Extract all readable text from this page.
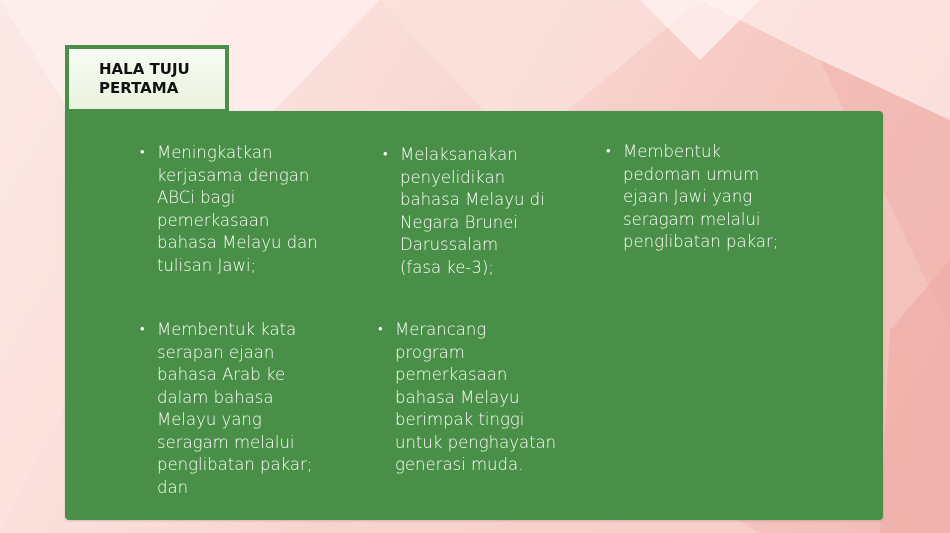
HALA TUJU
PERTAMA
• Meningkatkan
kerjasama dengan
ABCi bagi
pemerkasaan
bahasa Melayu dan
tulisan Jawi;
• Melaksanakan
penyelidikan
bahasa Melayu di
Negara Brunei
Darussalam
(fasa ke-3);
• Membentuk
pedoman umum
ejaan Jawi yang
seragam melalui
penglibatan pakar;
• Membentuk kata
serapan ejaan
bahasa Arab ke
dalam bahasa
Melayu yang
seragam melalui
penglibatan pakar;
dan
• Merancang
program
pemerkasaan
bahasa Melayu
berimpak tinggi
untuk penghayatan
generasi muda.
